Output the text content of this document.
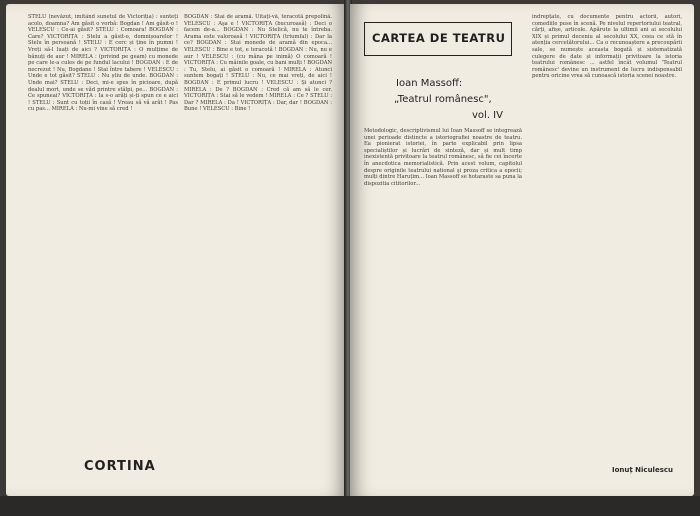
STELU (nevăzut, imitând sunetul de Victoriția) : sunteți acolo, doamna? Am găsit o vorbă: Bogdan ! Am găsit-o ! VELESCU : Ce-ai găsit? STELU : Comoara! BOGDAN : Care? VICTORIȚA : Stelu a găsit-o, domnișoarelor ! Stelu în persoană ! STELU : E cerc și ține în pumni ! Vreți să-l luați de aici ? VICTORIȚA : O mulțime de bănuți de aur ! MIRELA : (privind pe geam) cu monede pe care le-a cules de pe fundul lacului ! BOGDAN : E de necrezut ! Nu, Bogdane ! Stai între tabere ! VELESCU : Unde e tot găsit? STELU : Nu știu de unde. BOGDAN : Unde mai? STELU : Deci, mi-e spus în picioare, după dealul mort, unde se văd printre stâlpi, pe... BOGDAN : Ce spuneai? VICTORIȚA : Ia s-o arăți și-ți spun ce e aici ! STELU : Sunt cu toții în casă ! Vreau să vă arăt ! Pas cu pas... MIRELA : Nu-mi vine să cred !

BOGDAN : Stai de aramă. Uitați-vă, teracotă prepolină. VELESCU : Aşa e ! VICTORIȚA (bucuroasă) : Deci o facem de-a... BOGDAN : Nu Stelică, nu te întreba. Arama este valoroasă ! VICTORIȚA (triumfal) : Dar la ce? BOGDAN : Stai monede de aramă din epoca... VELESCU : Bine e tot, e teracotă ! BOGDAN : Nu, nu e aur ! VELESCU : (cu mâna pe inimă) O comoară ! VICTORIȚA : Cu mâinile goale, cu bani mulți ! BOGDAN : Tu, Stelu, ai găsit o comoară ! MIRELA : Atunci suntem bogați ! STELU : Nu, ce mai vreți, de aici ! BOGDAN : E primul lucru ! VELESCU : Și atunci ? MIRELA : De ? BOGDAN : Cred că am să le cer. VICTORIȚA : Stai să le vedem ! MIRELA : Ce ? STELU : Dar ? MIRELA : Da ! VICTORIȚA : Dar, dar ! BOGDAN : Bune ! VELESCU : Bine !

CORTINA
CARTEA DE TEATRU
Ioan Massoff:
„Teatrul românesc",
vol. IV

Metodologic, descriptivismul lui Ioan Massoff se integrează unei perioade distincte a istoriografiei noastre de teatru. Ea pionierat istoriei, în parte explicabil prin lipsa specialiștilor și lucrări de sinteză, dar și mult timp inexistentă privitoare la teatrul românesc, să fie cei încerte în anecdotica memorialistică. Prin acest volum, capitolul despre originile teatrului national şi proza critica a epocii; mulți dintre Haruțim... Ioan Massoff se hotaraste sa puna la dispozitia cititorilor...

indrepțate, cu documente pentru actorii, autori, comediile puse în scenă. Pe nivelul repertoriului teatral, cărți, afișe, articole. Apărute la ultimii ani ai secolului XIX și primul deceniu al secolului XX, ceea ce stă în atenția cercetătorului... Ca o recunoaștere a precoupării sale, se numește aceasta bogată și sistematizată culegere de date și informații privitoare la istoria teatrului românesc ... astfel încât volumul 'Teatrul românesc' devine un instrument de lucru indispensabil pentru oricine vrea să cunoască istoria scenei noastre.

Ionuț Niculescu
